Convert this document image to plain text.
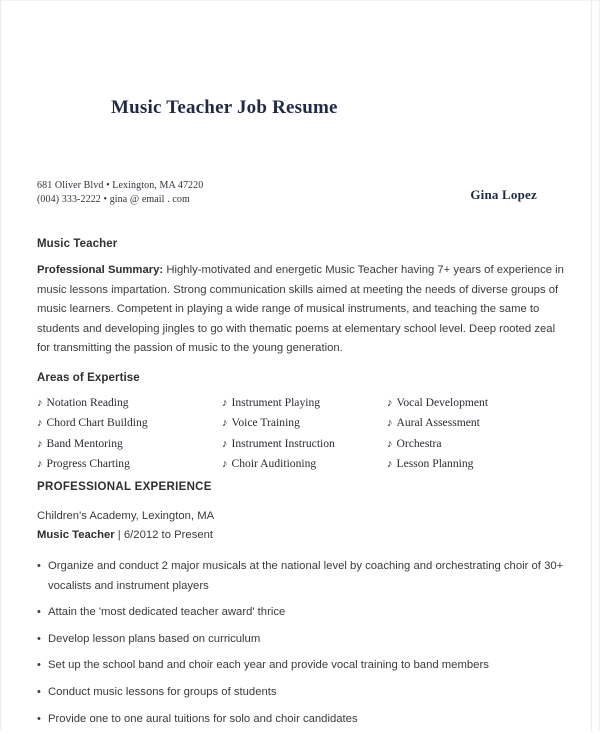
Music Teacher Job Resume
681 Oliver Blvd • Lexington, MA 47220
(004) 333-2222 • gina @ email . com	Gina Lopez
Music Teacher

Professional Summary: Highly-motivated and energetic Music Teacher having 7+ years of experience in music lessons impartation. Strong communication skills aimed at meeting the needs of diverse groups of music learners. Competent in playing a wide range of musical instruments, and teaching the same to students and developing jingles to go with thematic poems at elementary school level. Deep rooted zeal for transmitting the passion of music to the young generation.

Areas of Expertise
♪ Notation Reading	♪ Instrument Playing	♪ Vocal Development
♪ Chord Chart Building	♪ Voice Training	♪ Aural Assessment
♪ Band Mentoring	♪ Instrument Instruction	♪ Orchestra
♪ Progress Charting	♪ Choir Auditioning	♪ Lesson Planning
PROFESSIONAL EXPERIENCE

Children's Academy, Lexington, MA

Music Teacher | 6/2012 to Present

• Organize and conduct 2 major musicals at the national level by coaching and orchestrating choir of 30+ vocalists and instrument players
• Attain the 'most dedicated teacher award' thrice
• Develop lesson plans based on curriculum
• Set up the school band and choir each year and provide vocal training to band members
• Conduct music lessons for groups of students
• Provide one to one aural tuitions for solo and choir candidates
